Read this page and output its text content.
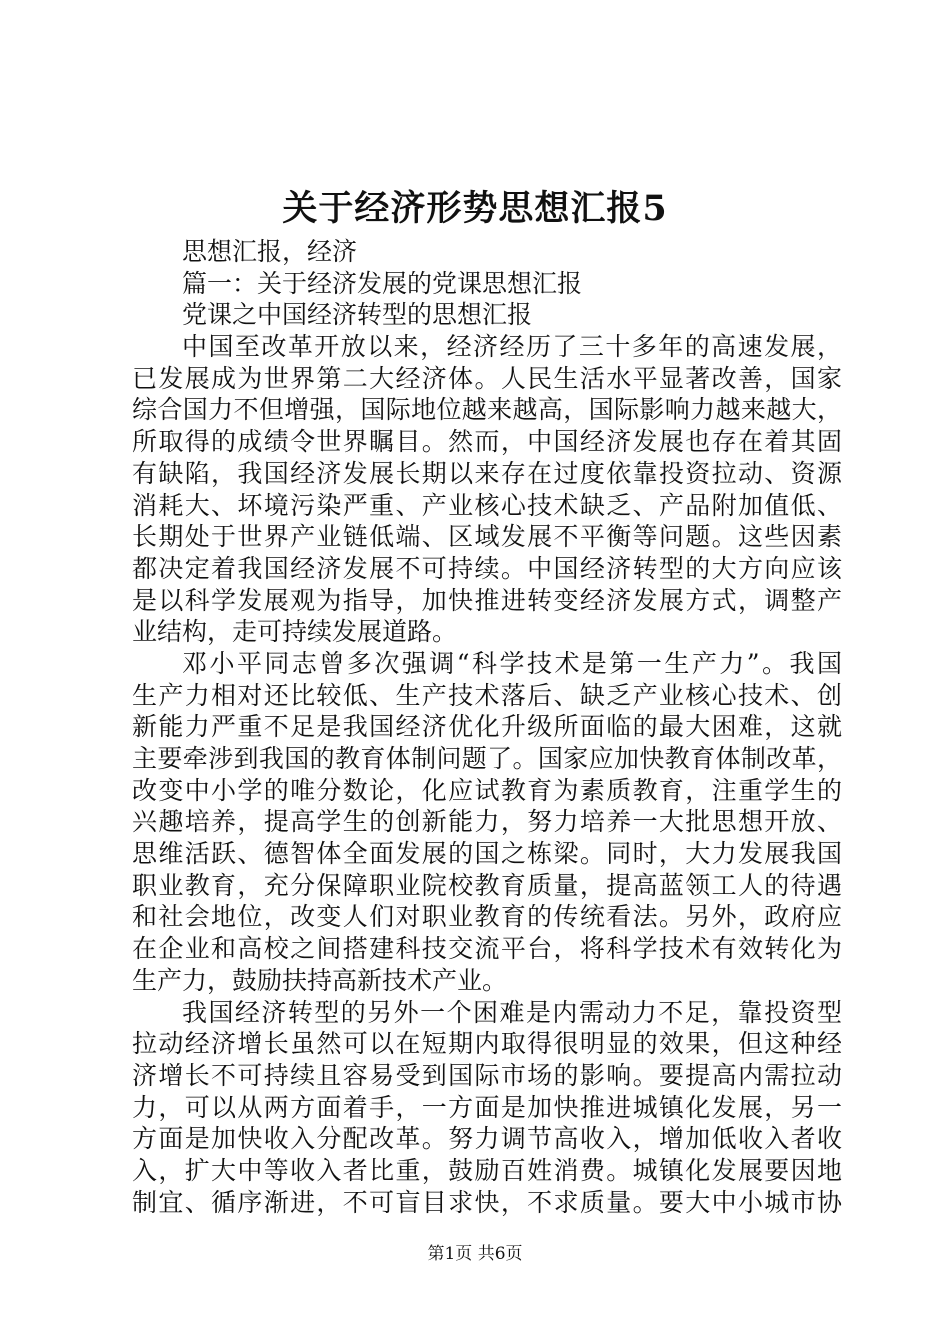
关于经济形势思想汇报5

思想汇报，经济

篇一：关于经济发展的党课思想汇报

党课之中国经济转型的思想汇报

中国至改革开放以来，经济经历了三十多年的高速发展，

已发展成为世界第二大经济体。人民生活水平显著改善，国家

综合国力不但增强，国际地位越来越高，国际影响力越来越大，

所取得的成绩令世界瞩目。然而，中国经济发展也存在着其固

有缺陷，我国经济发展长期以来存在过度依靠投资拉动、资源

消耗大、坏境污染严重、产业核心技术缺乏、产品附加值低、

长期处于世界产业链低端、区域发展不平衡等问题。这些因素

都决定着我国经济发展不可持续。中国经济转型的大方向应该

是以科学发展观为指导，加快推进转变经济发展方式，调整产

业结构，走可持续发展道路。

邓小平同志曾多次强调“科学技术是第一生产力”。我国

生产力相对还比较低、生产技术落后、缺乏产业核心技术、创

新能力严重不足是我国经济优化升级所面临的最大困难，这就

主要牵涉到我国的教育体制问题了。国家应加快教育体制改革，

改变中小学的唯分数论，化应试教育为素质教育，注重学生的

兴趣培养，提高学生的创新能力，努力培养一大批思想开放、

思维活跃、德智体全面发展的国之栋梁。同时，大力发展我国

职业教育，充分保障职业院校教育质量，提高蓝领工人的待遇

和社会地位，改变人们对职业教育的传统看法。另外，政府应

在企业和高校之间搭建科技交流平台，将科学技术有效转化为

生产力，鼓励扶持高新技术产业。

我国经济转型的另外一个困难是内需动力不足，靠投资型

拉动经济增长虽然可以在短期内取得很明显的效果，但这种经

济增长不可持续且容易受到国际市场的影响。要提高内需拉动

力，可以从两方面着手，一方面是加快推进城镇化发展，另一

方面是加快收入分配改革。努力调节高收入，增加低收入者收

入，扩大中等收入者比重，鼓励百姓消费。城镇化发展要因地

制宜、循序渐进，不可盲目求快，不求质量。要大中小城市协

第1页 共6页
